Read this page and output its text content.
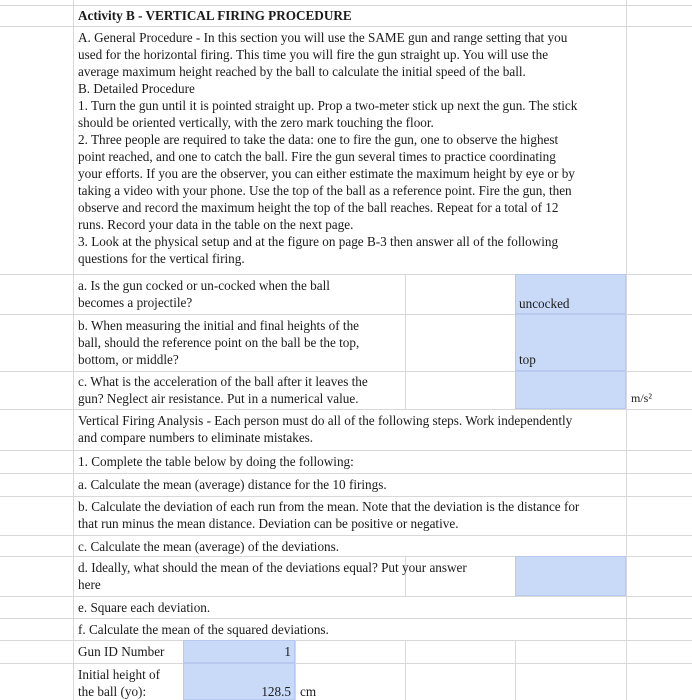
Activity B - VERTICAL FIRING PROCEDURE
A. General Procedure - In this section you will use the SAME gun and range setting that you
used for the horizontal firing. This time you will fire the gun straight up. You will use the
average maximum height reached by the ball to calculate the initial speed of the ball.
B. Detailed Procedure
1. Turn the gun until it is pointed straight up. Prop a two-meter stick up next the gun. The stick
should be oriented vertically, with the zero mark touching the floor.
2. Three people are required to take the data: one to fire the gun, one to observe the highest
point reached, and one to catch the ball. Fire the gun several times to practice coordinating
your efforts. If you are the observer, you can either estimate the maximum height by eye or by
taking a video with your phone. Use the top of the ball as a reference point. Fire the gun, then
observe and record the maximum height the top of the ball reaches. Repeat for a total of 12
runs. Record your data in the table on the next page.
3. Look at the physical setup and at the figure on page B-3 then answer all of the following
questions for the vertical firing.
a. Is the gun cocked or un-cocked when the ball
becomes a projectile?	uncocked
b. When measuring the initial and final heights of the
ball, should the reference point on the ball be the top,
bottom, or middle?	top
c. What is the acceleration of the ball after it leaves the
gun? Neglect air resistance. Put in a numerical value.	m/s²
Vertical Firing Analysis - Each person must do all of the following steps. Work independently
and compare numbers to eliminate mistakes.
1. Complete the table below by doing the following:
a. Calculate the mean (average) distance for the 10 firings.
b. Calculate the deviation of each run from the mean. Note that the deviation is the distance for
that run minus the mean distance. Deviation can be positive or negative.
c. Calculate the mean (average) of the deviations.
d. Ideally, what should the mean of the deviations equal? Put your answer
here
e. Square each deviation.
f. Calculate the mean of the squared deviations.
Gun ID Number	1
Initial height of
the ball (yo):	128.5 cm
